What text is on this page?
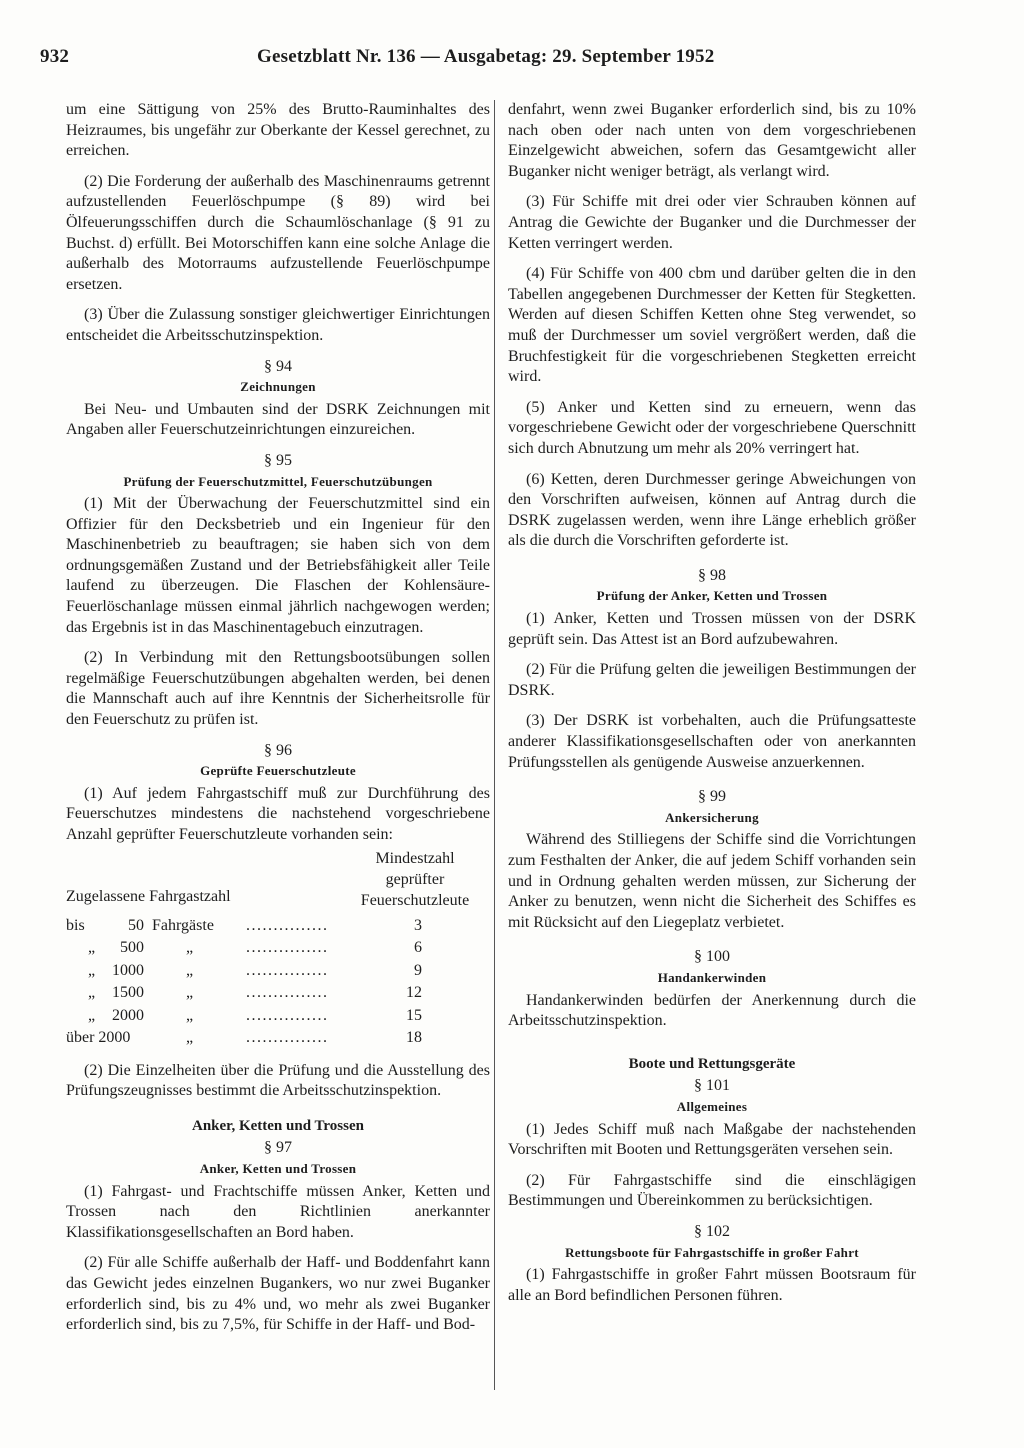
932	Gesetzblatt Nr. 136 — Ausgabetag: 29. September 1952

um eine Sättigung von 25% des Brutto-Rauminhaltes des Heizraumes, bis ungefähr zur Oberkante der Kessel gerechnet, zu erreichen.

(2) Die Forderung der außerhalb des Maschinenraums getrennt aufzustellenden Feuerlöschpumpe (§ 89) wird bei Ölfeuerungsschiffen durch die Schaumlöschanlage (§ 91 zu Buchst. d) erfüllt. Bei Motorschiffen kann eine solche Anlage die außerhalb des Motorraums aufzustellende Feuerlöschpumpe ersetzen.

(3) Über die Zulassung sonstiger gleichwertiger Einrichtungen entscheidet die Arbeitsschutzinspektion.

§ 94
Zeichnungen

Bei Neu- und Umbauten sind der DSRK Zeichnungen mit Angaben aller Feuerschutzeinrichtungen einzureichen.

§ 95
Prüfung der Feuerschutzmittel, Feuerschutzübungen

(1) Mit der Überwachung der Feuerschutzmittel sind ein Offizier für den Decksbetrieb und ein Ingenieur für den Maschinenbetrieb zu beauftragen; sie haben sich von dem ordnungsgemäßen Zustand und der Betriebsfähigkeit aller Teile laufend zu überzeugen. Die Flaschen der Kohlensäure-Feuerlöschanlage müssen einmal jährlich nachgewogen werden; das Ergebnis ist in das Maschinentagebuch einzutragen.

(2) In Verbindung mit den Rettungsbootsübungen sollen regelmäßige Feuerschutzübungen abgehalten werden, bei denen die Mannschaft auch auf ihre Kenntnis der Sicherheitsrolle für den Feuerschutz zu prüfen ist.

§ 96
Geprüfte Feuerschutzleute

(1) Auf jedem Fahrgastschiff muß zur Durchführung des Feuerschutzes mindestens die nachstehend vorgeschriebene Anzahl geprüfter Feuerschutzleute vorhanden sein:

Zugelassene Fahrgastzahl
Mindestzahl
geprüfter
Feuerschutzleute
bis	50 Fahrgäste ...............	3
„	500	„	...............	6
„ 1000	„	...............	9
„ 1500	„	...............	12
„ 2000	„	...............	15
über 2000	„	...............	18

(2) Die Einzelheiten über die Prüfung und die Ausstellung des Prüfungszeugnisses bestimmt die Arbeitsschutzinspektion.

Anker, Ketten und Trossen
§ 97
Anker, Ketten und Trossen

(1) Fahrgast- und Frachtschiffe müssen Anker, Ketten und Trossen nach den Richtlinien anerkannter Klassifikationsgesellschaften an Bord haben.

(2) Für alle Schiffe außerhalb der Haff- und Boddenfahrt kann das Gewicht jedes einzelnen Bugankers, wo nur zwei Buganker erforderlich sind, bis zu 4% und, wo mehr als zwei Buganker erforderlich sind, bis zu 7,5%, für Schiffe in der Haff- und Bod-

denfahrt, wenn zwei Buganker erforderlich sind, bis zu 10% nach oben oder nach unten von dem vorgeschriebenen Einzelgewicht abweichen, sofern das Gesamtgewicht aller Buganker nicht weniger beträgt, als verlangt wird.

(3) Für Schiffe mit drei oder vier Schrauben können auf Antrag die Gewichte der Buganker und die Durchmesser der Ketten verringert werden.

(4) Für Schiffe von 400 cbm und darüber gelten die in den Tabellen angegebenen Durchmesser der Ketten für Stegketten. Werden auf diesen Schiffen Ketten ohne Steg verwendet, so muß der Durchmesser um soviel vergrößert werden, daß die Bruchfestigkeit für die vorgeschriebenen Stegketten erreicht wird.

(5) Anker und Ketten sind zu erneuern, wenn das vorgeschriebene Gewicht oder der vorgeschriebene Querschnitt sich durch Abnutzung um mehr als 20% verringert hat.

(6) Ketten, deren Durchmesser geringe Abweichungen von den Vorschriften aufweisen, können auf Antrag durch die DSRK zugelassen werden, wenn ihre Länge erheblich größer als die durch die Vorschriften geforderte ist.

§ 98
Prüfung der Anker, Ketten und Trossen

(1) Anker, Ketten und Trossen müssen von der DSRK geprüft sein. Das Attest ist an Bord aufzubewahren.

(2) Für die Prüfung gelten die jeweiligen Bestimmungen der DSRK.

(3) Der DSRK ist vorbehalten, auch die Prüfungsatteste anderer Klassifikationsgesellschaften oder von anerkannten Prüfungsstellen als genügende Ausweise anzuerkennen.

§ 99
Ankersicherung

Während des Stilliegens der Schiffe sind die Vorrichtungen zum Festhalten der Anker, die auf jedem Schiff vorhanden sein und in Ordnung gehalten werden müssen, zur Sicherung der Anker zu benutzen, wenn nicht die Sicherheit des Schiffes es mit Rücksicht auf den Liegeplatz verbietet.

§ 100
Handankerwinden

Handankerwinden bedürfen der Anerkennung durch die Arbeitsschutzinspektion.

Boote und Rettungsgeräte
§ 101
Allgemeines

(1) Jedes Schiff muß nach Maßgabe der nachstehenden Vorschriften mit Booten und Rettungsgeräten versehen sein.

(2) Für Fahrgastschiffe sind die einschlägigen Bestimmungen und Übereinkommen zu berücksichtigen.

§ 102
Rettungsboote für Fahrgastschiffe in großer Fahrt

(1) Fahrgastschiffe in großer Fahrt müssen Bootsraum für alle an Bord befindlichen Personen führen.
